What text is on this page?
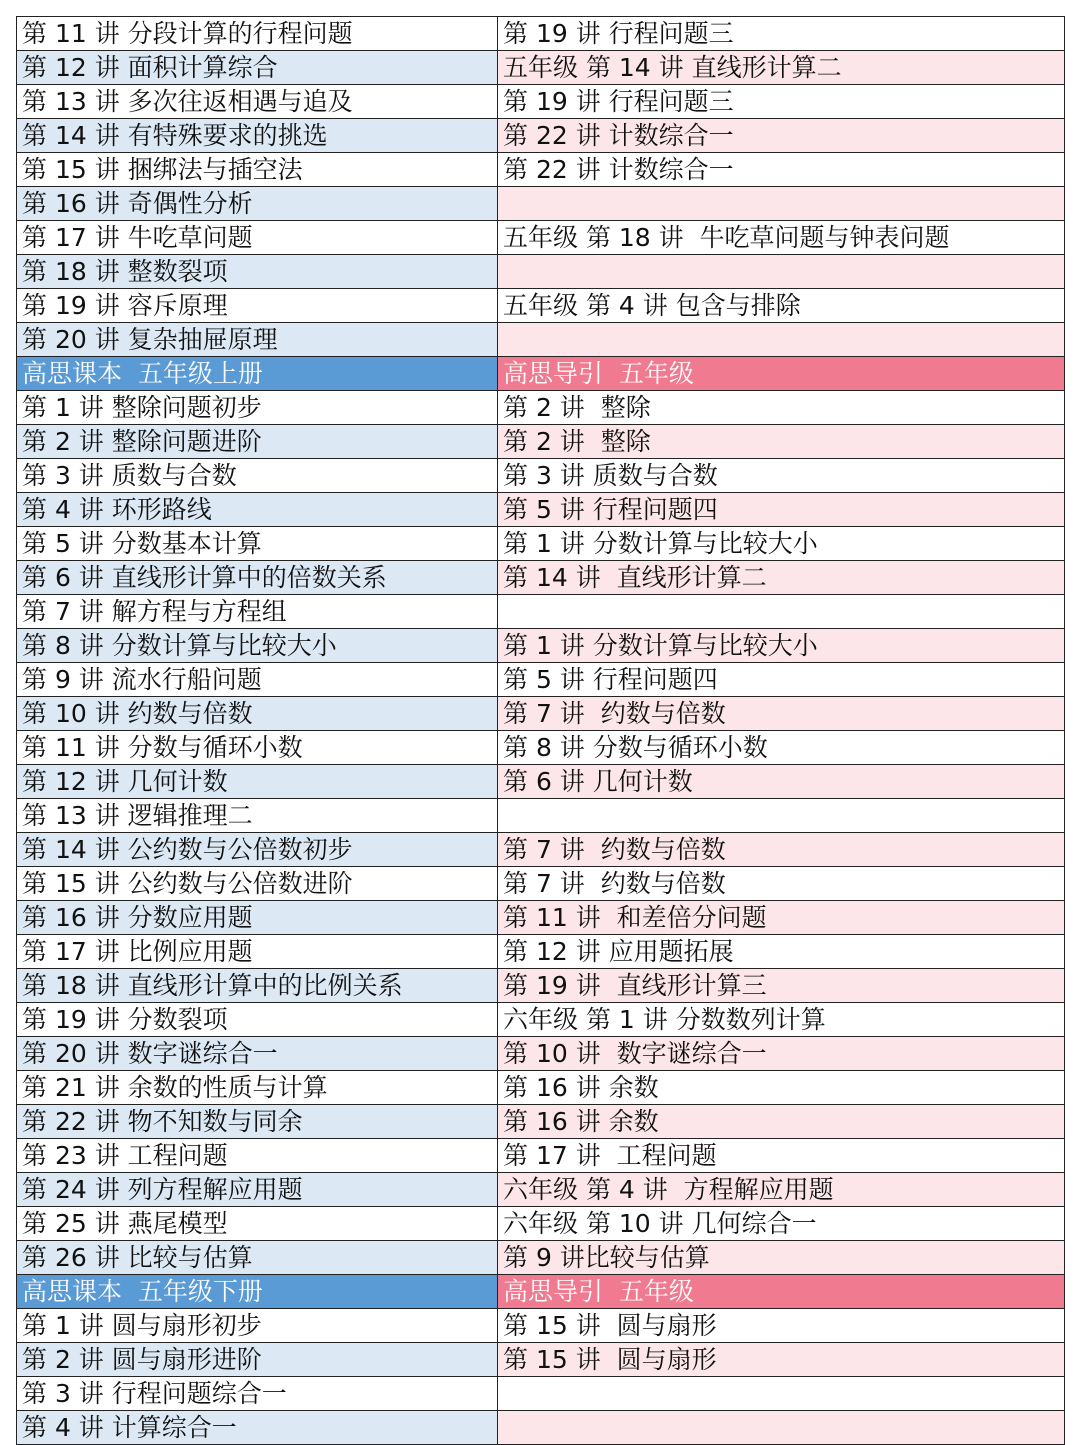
第 11 讲 分段计算的行程问题	第 19 讲 行程问题三
第 12 讲 面积计算综合	五年级 第 14 讲 直线形计算二
第 13 讲 多次往返相遇与追及	第 19 讲 行程问题三
第 14 讲 有特殊要求的挑选	第 22 讲 计数综合一
第 15 讲 捆绑法与插空法	第 22 讲 计数综合一
第 16 讲 奇偶性分析	
第 17 讲 牛吃草问题	五年级 第 18 讲  牛吃草问题与钟表问题
第 18 讲 整数裂项	
第 19 讲 容斥原理	五年级 第 4 讲 包含与排除
第 20 讲 复杂抽屉原理	
高思课本  五年级上册	高思导引  五年级
第 1 讲 整除问题初步	第 2 讲  整除
第 2 讲 整除问题进阶	第 2 讲  整除
第 3 讲 质数与合数	第 3 讲 质数与合数
第 4 讲 环形路线	第 5 讲 行程问题四
第 5 讲 分数基本计算	第 1 讲 分数计算与比较大小
第 6 讲 直线形计算中的倍数关系	第 14 讲  直线形计算二
第 7 讲 解方程与方程组	
第 8 讲 分数计算与比较大小	第 1 讲 分数计算与比较大小
第 9 讲 流水行船问题	第 5 讲 行程问题四
第 10 讲 约数与倍数	第 7 讲  约数与倍数
第 11 讲 分数与循环小数	第 8 讲 分数与循环小数
第 12 讲 几何计数	第 6 讲 几何计数
第 13 讲 逻辑推理二	
第 14 讲 公约数与公倍数初步	第 7 讲  约数与倍数
第 15 讲 公约数与公倍数进阶	第 7 讲  约数与倍数
第 16 讲 分数应用题	第 11 讲  和差倍分问题
第 17 讲 比例应用题	第 12 讲 应用题拓展
第 18 讲 直线形计算中的比例关系	第 19 讲  直线形计算三
第 19 讲 分数裂项	六年级 第 1 讲 分数数列计算
第 20 讲 数字谜综合一	第 10 讲  数字谜综合一
第 21 讲 余数的性质与计算	第 16 讲 余数
第 22 讲 物不知数与同余	第 16 讲 余数
第 23 讲 工程问题	第 17 讲  工程问题
第 24 讲 列方程解应用题	六年级 第 4 讲  方程解应用题
第 25 讲 燕尾模型	六年级 第 10 讲 几何综合一
第 26 讲 比较与估算	第 9 讲比较与估算
高思课本  五年级下册	高思导引  五年级
第 1 讲 圆与扇形初步	第 15 讲  圆与扇形
第 2 讲 圆与扇形进阶	第 15 讲  圆与扇形
第 3 讲 行程问题综合一	
第 4 讲 计算综合一	
